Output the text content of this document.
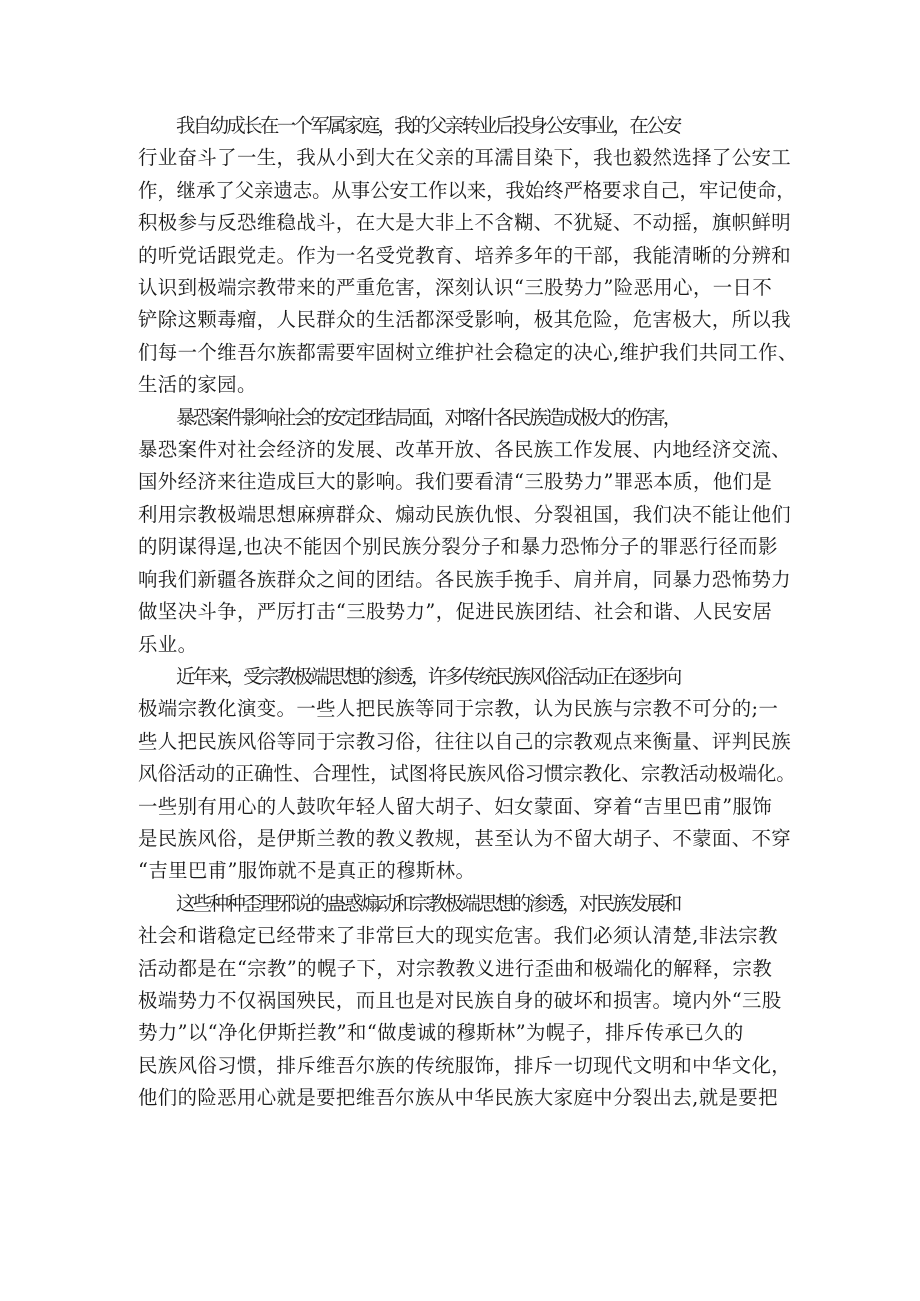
我自幼成长在一个军属家庭，我的父亲转业后投身公安事业，在公安
行业奋斗了一生，我从小到大在父亲的耳濡目染下，我也毅然选择了公安工
作，继承了父亲遗志。从事公安工作以来，我始终严格要求自己，牢记使命，
积极参与反恐维稳战斗，在大是大非上不含糊、不犹疑、不动摇，旗帜鲜明
的听党话跟党走。作为一名受党教育、培养多年的干部，我能清晰的分辨和
认识到极端宗教带来的严重危害，深刻认识“三股势力”险恶用心，一日不
铲除这颗毒瘤，人民群众的生活都深受影响，极其危险，危害极大，所以我
们每一个维吾尔族都需要牢固树立维护社会稳定的决心,维护我们共同工作、
生活的家园。

暴恐案件影响社会的安定团结局面，对喀什各民族造成极大的伤害，
暴恐案件对社会经济的发展、改革开放、各民族工作发展、内地经济交流、
国外经济来往造成巨大的影响。我们要看清“三股势力”罪恶本质，他们是
利用宗教极端思想麻痹群众、煽动民族仇恨、分裂祖国，我们决不能让他们
的阴谋得逞,也决不能因个别民族分裂分子和暴力恐怖分子的罪恶行径而影
响我们新疆各族群众之间的团结。各民族手挽手、肩并肩，同暴力恐怖势力
做坚决斗争，严厉打击“三股势力”，促进民族团结、社会和谐、人民安居
乐业。

近年来，受宗教极端思想的渗透，许多传统民族风俗活动正在逐步向
极端宗教化演变。一些人把民族等同于宗教，认为民族与宗教不可分的;一
些人把民族风俗等同于宗教习俗，往往以自己的宗教观点来衡量、评判民族
风俗活动的正确性、合理性，试图将民族风俗习惯宗教化、宗教活动极端化。
一些别有用心的人鼓吹年轻人留大胡子、妇女蒙面、穿着“吉里巴甫”服饰
是民族风俗，是伊斯兰教的教义教规，甚至认为不留大胡子、不蒙面、不穿
“吉里巴甫”服饰就不是真正的穆斯林。

这些种种歪理邪说的蛊惑煽动和宗教极端思想的渗透，对民族发展和
社会和谐稳定已经带来了非常巨大的现实危害。我们必须认清楚,非法宗教
活动都是在“宗教”的幌子下，对宗教教义进行歪曲和极端化的解释，宗教
极端势力不仅祸国殃民，而且也是对民族自身的破坏和损害。境内外“三股
势力”以“净化伊斯拦教”和“做虔诚的穆斯林”为幌子，排斥传承已久的
民族风俗习惯，排斥维吾尔族的传统服饰，排斥一切现代文明和中华文化，
他们的险恶用心就是要把维吾尔族从中华民族大家庭中分裂出去,就是要把
